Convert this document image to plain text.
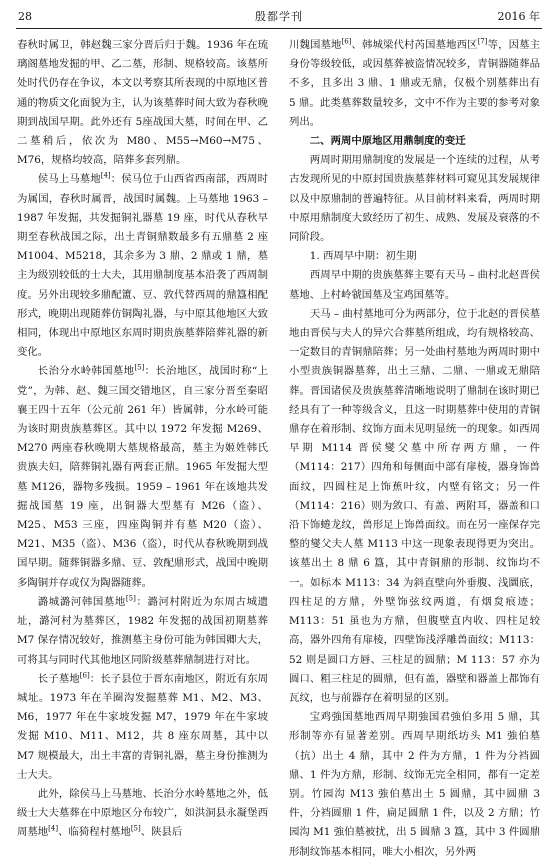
28	殷都学刊	2016 年

春秋时属卫，韩赵魏三家分晋后归于魏。1936 年在琉璃阁墓地发掘的甲、乙二墓，形制、规格较高。该墓所处时代仍存在争议，本文以考察其所表现的中原地区普通的物质文化面貌为主，认为该墓葬时间大致为春秋晚期到战国早期。此外还有 5座战国大墓，时间在甲、乙二墓稍后，依次为 M80、M55→M60→M75、M76，规格均较高，陪葬多套列鼎。

侯马上马墓地[4]：侯马位于山西省西南部，西周时为属国，春秋时属晋，战国时属魏。上马墓地 1963 – 1987 年发掘，共发掘铜礼器墓 19 座，时代从春秋早期至春秋战国之际，出土青铜鼎数最多有五鼎墓 2 座 M1004、M5218，其余多为 3 鼎、2 鼎或 1 鼎，墓主为级别较低的士大夫，其用鼎制度基本沿袭了西周制度。另外出现较多鼎配簠、豆、敦代替西周的鼎簋相配形式，晚期出现随葬仿铜陶礼器，与中原其他地区大致相同，体现出中原地区东周时期贵族墓葬陪葬礼器的新变化。

长治分水岭韩国墓地[5]：长治地区，战国时称“上党”，为韩、赵、魏三国交错地区，自三家分晋至秦昭襄王四十五年（公元前 261 年）皆属韩，分水岭可能为该时期贵族墓葬区。其中以 1972 年发掘 M269、M270 两座春秋晚期大墓规格最高，墓主为姬姓韩氏贵族夫妇，陪葬铜礼器有两套正鼎。1965 年发掘大型墓 M126，器物多残损。1959 – 1961 年在该地共发掘战国墓 19 座，出铜器大型墓有 M26（盗）、M25、M53 三座，四座陶铜并有墓 M20（盗）、M21、M35（盗）、M36（盗），时代从春秋晚期到战国早期。随葬铜器多鼎、豆、敦配鼎形式，战国中晚期多陶铜并存或仅为陶器随葬。

潞城潞河韩国墓地[5]：潞河村附近为东周古城遗址，潞河村为墓葬区，1982 年发掘的战国初期墓葬 M7 保存情况较好，推测墓主身份可能为韩国卿大夫，可将其与同时代其他地区同阶级墓葬鼎制进行对比。

长子墓地[6]：长子县位于晋东南地区，附近有东周城址。1973 年在羊圈沟发掘墓葬 M1、M2、M3、M6，1977 年在牛家坡发掘 M7，1979 年在牛家坡发掘 M10、M11、M12，共 8 座东周墓，其中以 M7 规模最大，出土丰富的青铜礼器，墓主身份推测为士大夫。

此外，除侯马上马墓地、长治分水岭墓地之外，低级士大夫墓葬在中原地区分布较广，如洪洞县永凝堡西周墓地[4]、临猗程村墓地[5]、陕县后

川魏国墓地[6]、韩城梁代村芮国墓地西区[7]等，因墓主身份等级较低，或因墓葬被盗情况较多，青铜器随葬品不多，且多出 3 鼎、1 鼎或无鼎，仅极个别墓葬出有 5 鼎。此类墓葬数量较多，文中不作为主要的参考对象列出。

二、两周中原地区用鼎制度的变迁

两周时期用鼎制度的发展是一个连续的过程，从考古发现所见的中原封国贵族墓葬材料可窥见其发展规律以及中原鼎制的普遍特征。从目前材料来看，两周时期中原用鼎制度大致经历了初生、成熟、发展及衰落的不同阶段。

1. 西周早中期：初生期

西周早中期的贵族墓葬主要有天马 – 曲村北赵晋侯墓地、上村岭虢国墓及宝鸡国墓等。

天马 – 曲村墓地可分为两部分，位于北赵的晋侯墓地由晋侯与夫人的异穴合葬墓所组成，均有规格较高、一定数目的青铜鼎陪葬；另一处曲村墓地为两周时期中小型贵族铜器墓葬，出土三鼎、二鼎、一鼎或无鼎陪葬。晋国诸侯及贵族墓葬清晰地说明了鼎制在该时期已经具有了一种等级含义，且这一时期墓葬中使用的青铜鼎存在着形制、纹饰方面未见明显统一的现象。如西周早期 M114 晋侯燮父墓中所存两方鼎，一件（M114：217）四角和每侧面中部有扉棱，器身饰兽面纹，四圆柱足上饰蕉叶纹，内壁有铭文；另一件（M114：216）则为敛口、有盖、两附耳，器盖和口沿下饰蜷龙纹，兽形足上饰兽面纹。而在另一座保存完整的燮父夫人墓 M113 中这一现象表现得更为突出。该墓出土 8 鼎 6 簋，其中青铜鼎的形制、纹饰均不一。如标本 M113：34 为斜直壁向外垂腹、浅圜底，四柱足的方鼎，外壁饰弦纹两道，有烟炱痕迹；M113：51 虽也为方鼎，但腹壁直内收、四柱足较高，器外四角有扉棱，四壁饰浅浮雕兽面纹；M113：52 则是圆口方唇、三柱足的圆鼎；M 113：57 亦为圆口、粗三柱足的圆鼎，但有盖，器壁和器盖上都饰有瓦纹，也与前器存在着明显的区别。

宝鸡強国墓地西周早期強国君強伯多用 5 鼎，其形制等亦有显著差别。西周早期纸坊头 M1 強伯墓（抗）出土 4 鼎，其中 2 件为方鼎，1 件为分裆圆鼎、1 件为方鼎，形制、纹饰无完全相同，都有一定差别。竹园沟 M13 強伯墓出土 5 圆鼎，其中圆鼎 3 件，分裆圆鼎 1 件，扁足圆鼎 1 件，以及 2 方鼎；竹园沟 M1 強伯墓被扰，出 5 圆鼎 3 簋，其中 3 件圆鼎形制纹饰基本相同，唯大小相次，另外两
